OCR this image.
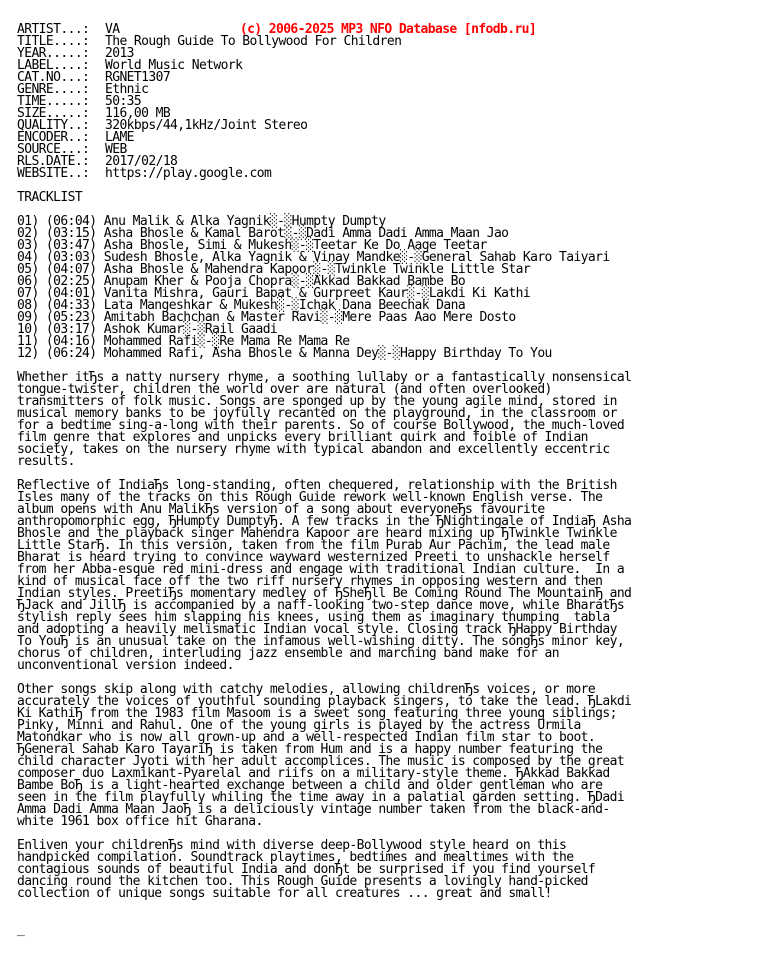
(c) 2006-2025 MP3 NFO Database [nfodb.ru]

ARTIST...: VA
TITLE....: The Rough Guide To Bollywood For Children
YEAR.....: 2013
LABEL....: World Music Network
CAT.NO...: RGNET1307
GENRE....: Ethnic
TIME.....: 50:35
SIZE.....: 116,00 MB
QUALITY..: 320kbps/44,1kHz/Joint Stereo
ENCODER..: LAME
SOURCE...: WEB
RLS.DATE.: 2017/02/18
WEBSITE..: https://play.google.com
TRACKLIST
01) (06:04) Anu Malik & Alka Yagnik░-░Humpty Dumpty
02) (03:15) Asha Bhosle & Kamal Barot░-░Dadi Amma Dadi Amma Maan Jao
03) (03:47) Asha Bhosle, Simi & Mukesh░-░Teetar Ke Do Aage Teetar
04) (03:03) Sudesh Bhosle, Alka Yagnik & Vinay Mandke░-░General Sahab Karo Taiyari
05) (04:07) Asha Bhosle & Mahendra Kapoor░-░Twinkle Twinkle Little Star
06) (02:25) Anupam Kher & Pooja Chopra░-░Akkad Bakkad Bambe Bo
07) (04:01) Vanita Mishra, Gauri Bapat & Gurpreet Kaur░-░Lakdi Ki Kathi
08) (04:33) Lata Mangeshkar & Mukesh░-░Ichak Dana Beechak Dana
09) (05:23) Amitabh Bachchan & Master Ravi░-░Mere Paas Aao Mere Dosto
10) (03:17) Ashok Kumar░-░Rail Gaadi
11) (04:16) Mohammed Rafi░-░Re Mama Re Mama Re
12) (06:24) Mohammed Rafi, Asha Bhosle & Manna Dey░-░Happy Birthday To You
Whether itЂs a natty nursery rhyme, a soothing lullaby or a fantastically nonsensical
tongue-twister, children the world over are natural (and often overlooked)
transmitters of folk music. Songs are sponged up by the young agile mind, stored in
musical memory banks to be joyfully recanted on the playground, in the classroom or
for a bedtime sing-a-long with their parents. So of course Bollywood, the much-loved
film genre that explores and unpicks every brilliant quirk and foible of Indian
society, takes on the nursery rhyme with typical abandon and excellently eccentric
results.
Reflective of IndiaЂs long-standing, often chequered, relationship with the British
Isles many of the tracks on this Rough Guide rework well-known English verse. The
album opens with Anu MalikЂs version of a song about everyoneЂs favourite
anthropomorphic egg, ЂHumpty DumptyЂ. A few tracks in the ЂNightingale of IndiaЂ Asha
Bhosle and the playback singer Mahendra Kapoor are heard mixing up ЂTwinkle Twinkle
Little StarЂ. In this version, taken from the film Purab Aur Pachim, the lead male
Bharat is heard trying to convince wayward westernized Preeti to unshackle herself
from her Abba-esque red mini-dress and engage with traditional Indian culture.  In a
kind of musical face off the two riff nursery rhymes in opposing western and then
Indian styles. PreetiЂs momentary medley of ЂSheЂll Be Coming Round The MountainЂ and
ЂJack and JillЂ is accompanied by a naff-looking two-step dance move, while BharatЂs
stylish reply sees him slapping his knees, using them as imaginary thumping  tabla
and adopting a heavily melismatic Indian vocal style. Closing track ЂHappy Birthday
To YouЂ is an unusual take on the infamous well-wishing ditty. The songЂs minor key,
chorus of children, interluding jazz ensemble and marching band make for an
unconventional version indeed.
Other songs skip along with catchy melodies, allowing childrenЂs voices, or more
accurately the voices of youthful sounding playback singers, to take the lead. ЂLakdi
Ki KathiЂ from the 1983 film Masoom is a sweet song featuring three young siblings;
Pinky, Minni and Rahul. One of the young girls is played by the actress Urmila
Matondkar who is now all grown-up and a well-respected Indian film star to boot.
ЂGeneral Sahab Karo TayariЂ is taken from Hum and is a happy number featuring the
child character Jyoti with her adult accomplices. The music is composed by the great
composer duo Laxmikant-Pyarelal and riifs on a military-style theme. ЂAkkad Bakkad
Bambe BoЂ is a light-hearted exchange between a child and older gentleman who are
seen in the film playfully whiling the time away in a palatial garden setting. ЂDadi
Amma Dadi Amma Maan JaoЂ is a deliciously vintage number taken from the black-and-
white 1961 box office hit Gharana.
Enliven your childrenЂs mind with diverse deep-Bollywood style heard on this
handpicked compilation. Soundtrack playtimes, bedtimes and mealtimes with the
contagious sounds of beautiful India and donЂt be surprised if you find yourself
dancing round the kitchen too. This Rough Guide presents a lovingly hand-picked
collection of unique songs suitable for all creatures ... great and small!
_
